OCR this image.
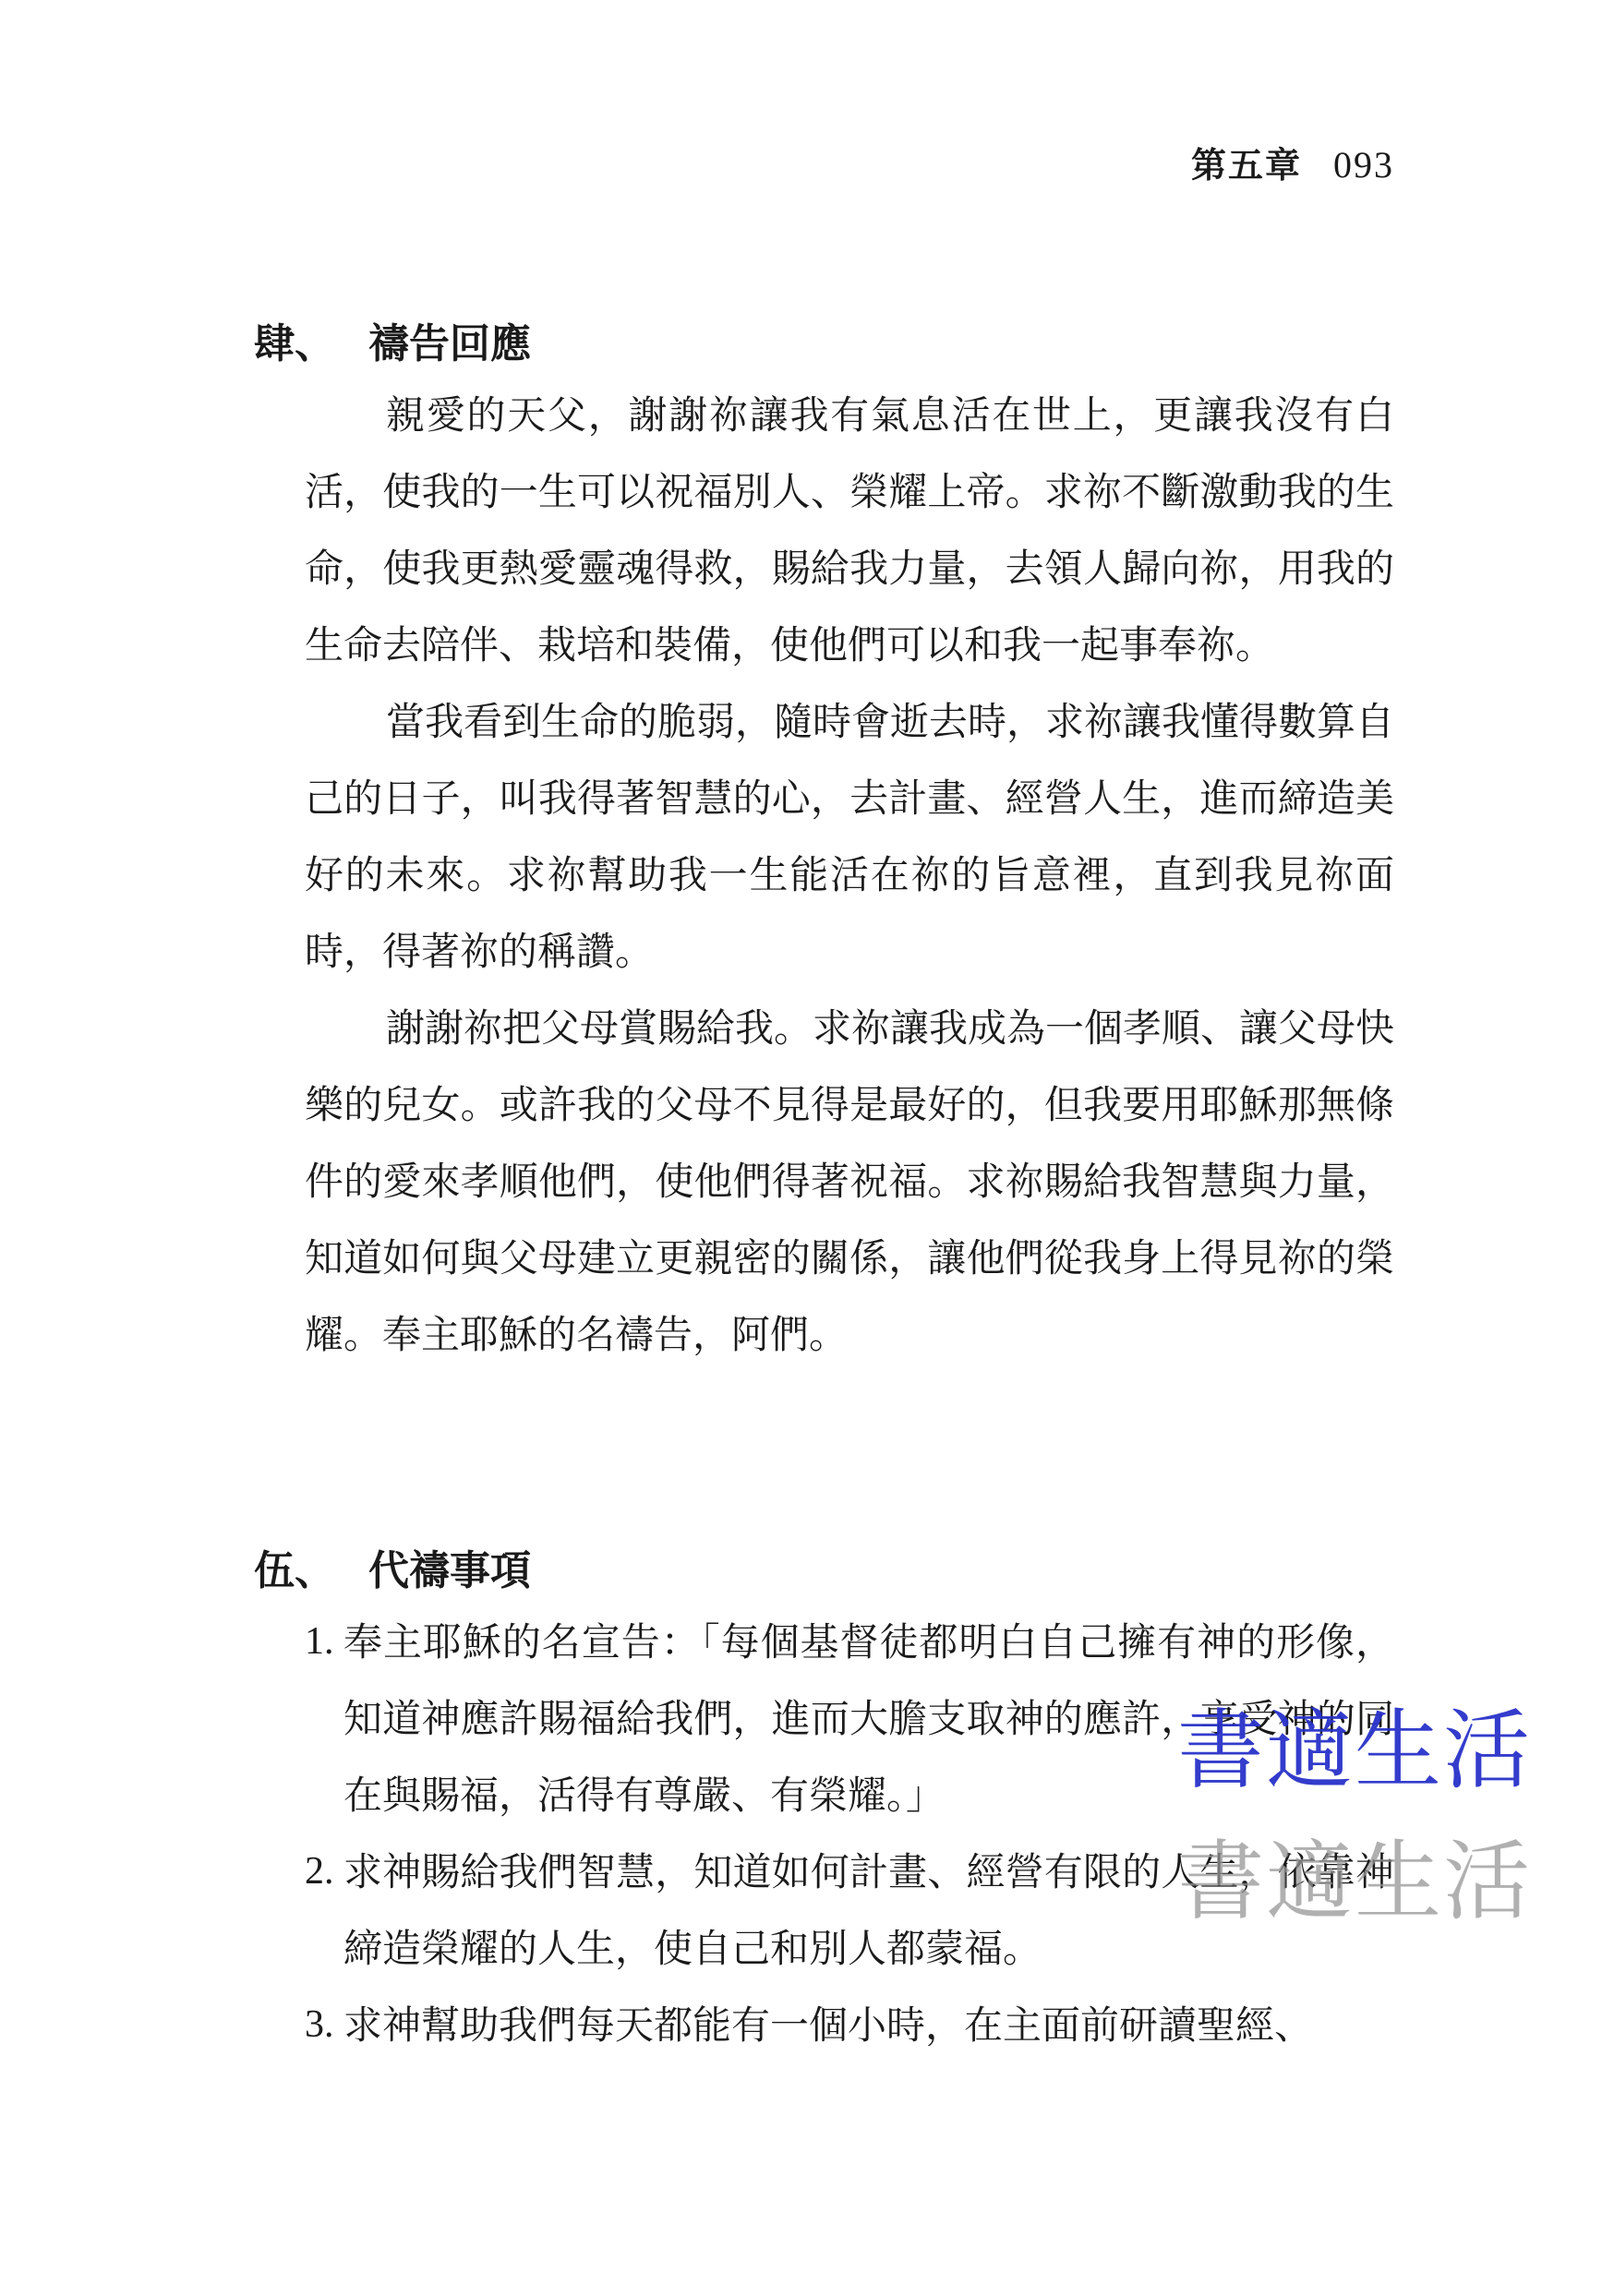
第五章 093
肆、 禱告回應

親愛的天父，謝謝祢讓我有氣息活在世上，更讓我沒有白活，使我的一生可以祝福別人、榮耀上帝。求祢不斷激動我的生命，使我更熱愛靈魂得救，賜給我力量，去領人歸向祢，用我的生命去陪伴、栽培和裝備，使他們可以和我一起事奉祢。

當我看到生命的脆弱，隨時會逝去時，求祢讓我懂得數算自己的日子，叫我得著智慧的心，去計畫、經營人生，進而締造美好的未來。求祢幫助我一生能活在祢的旨意裡，直到我見祢面時，得著祢的稱讚。

謝謝祢把父母賞賜給我。求祢讓我成為一個孝順、讓父母快樂的兒女。或許我的父母不見得是最好的，但我要用耶穌那無條件的愛來孝順他們，使他們得著祝福。求祢賜給我智慧與力量，知道如何與父母建立更親密的關係，讓他們從我身上得見祢的榮耀。奉主耶穌的名禱告，阿們。

伍、 代禱事項
1. 奉主耶穌的名宣告：「每個基督徒都明白自己擁有神的形像，知道神應許賜福給我們，進而大膽支取神的應許，享受神的同在與賜福，活得有尊嚴、有榮耀。」
2. 求神賜給我們智慧，知道如何計畫、經營有限的人生，依靠神締造榮耀的人生，使自己和別人都蒙福。
3. 求神幫助我們每天都能有一個小時，在主面前研讀聖經、
書適生活
書適生活
